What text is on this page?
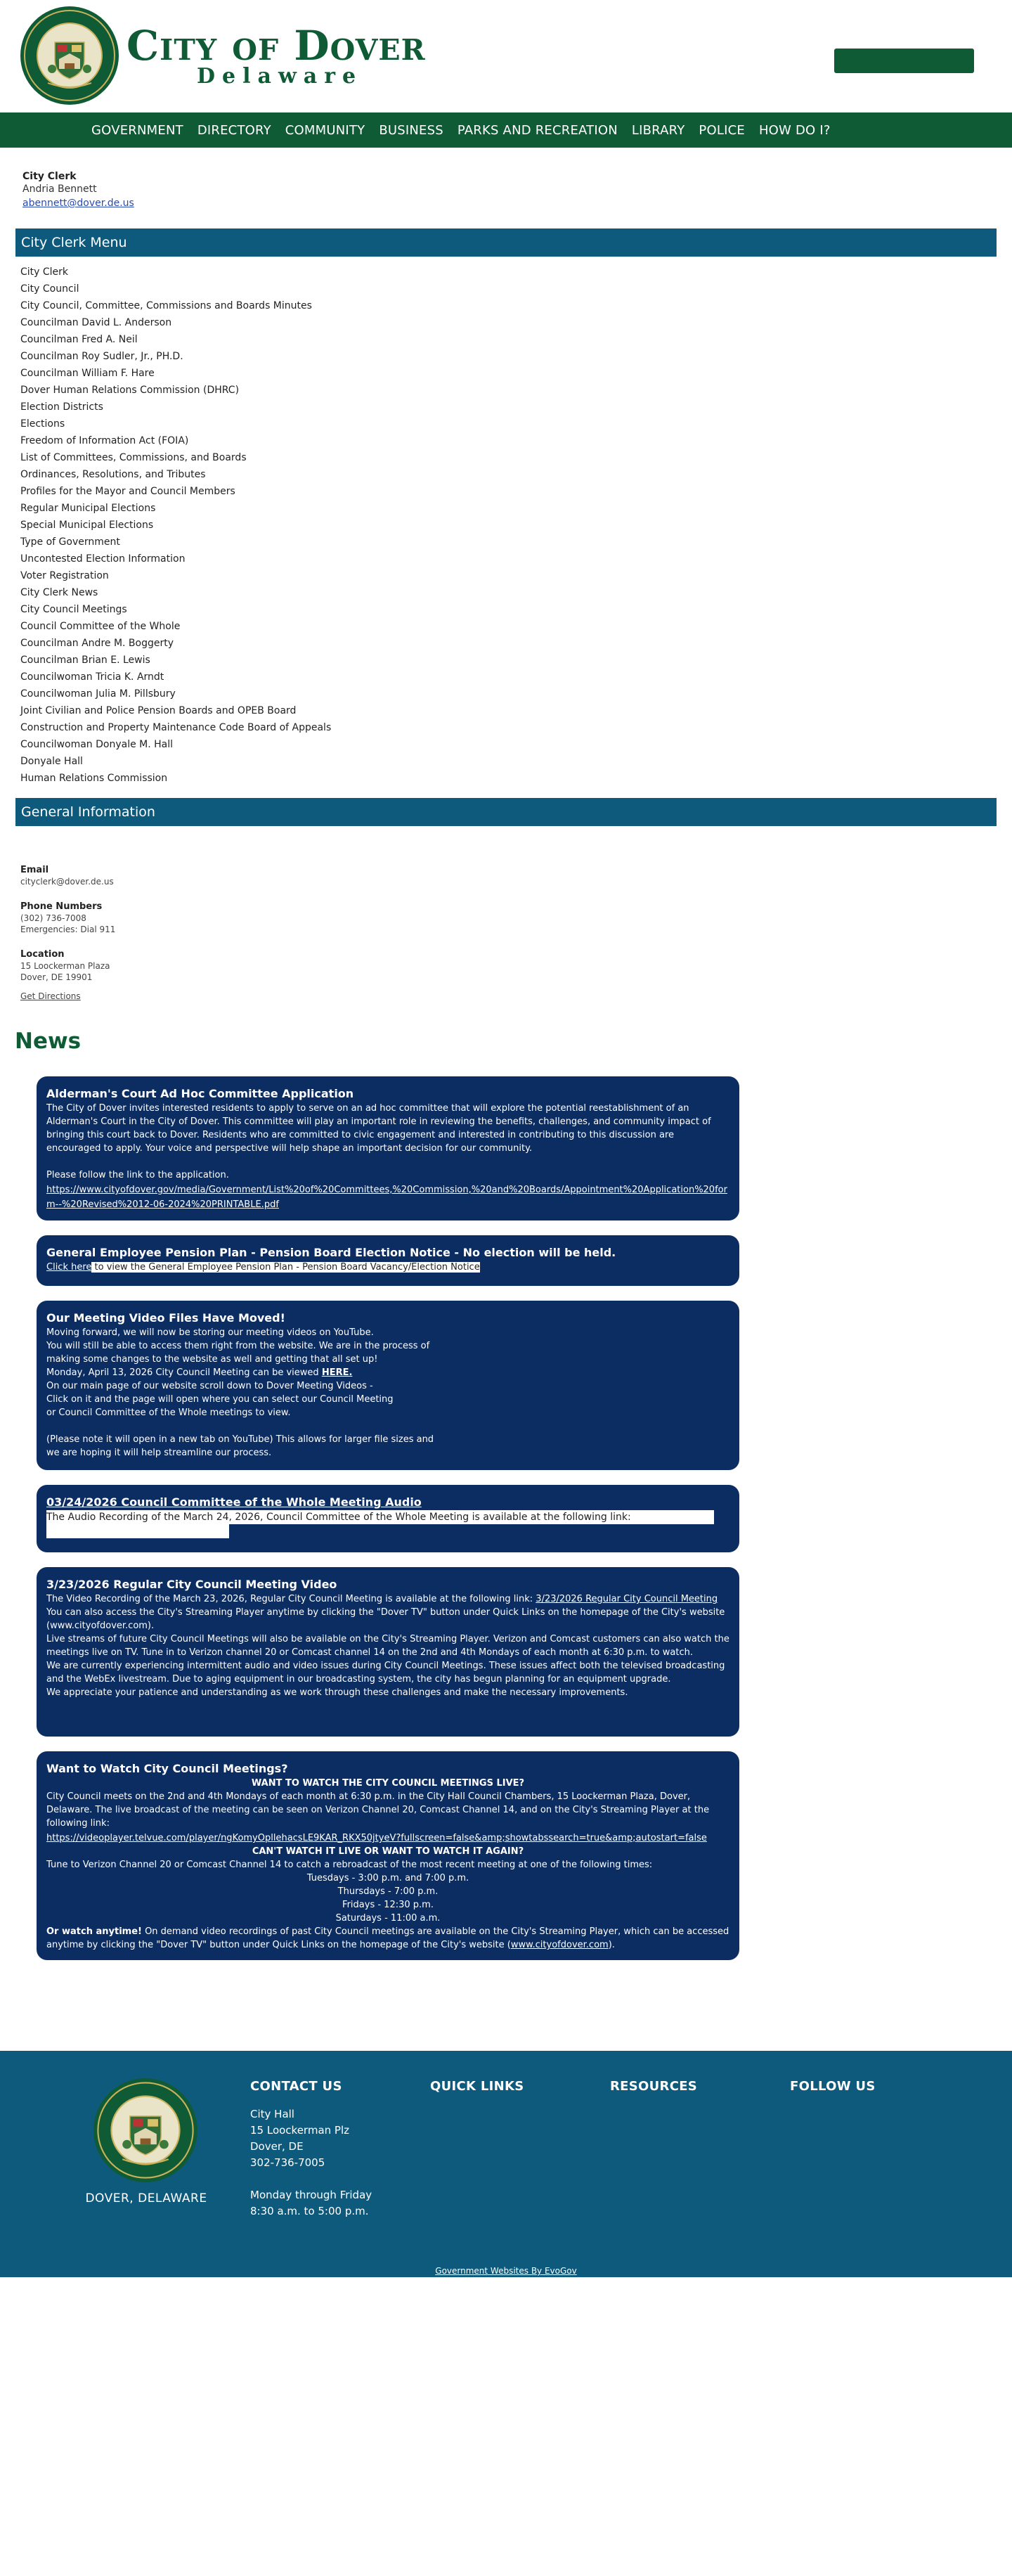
City of Dover
Delaware
GOVERNMENT DIRECTORY COMMUNITY BUSINESS PARKS AND RECREATION LIBRARY POLICE HOW DO I?
City Clerk
Andria Bennett
abennett@dover.de.us
City Clerk Menu
City Clerk
City Council
City Council, Committee, Commissions and Boards Minutes
Councilman David L. Anderson
Councilman Fred A. Neil
Councilman Roy Sudler, Jr., PH.D.
Councilman William F. Hare
Dover Human Relations Commission (DHRC)
Election Districts
Elections
Freedom of Information Act (FOIA)
List of Committees, Commissions, and Boards
Ordinances, Resolutions, and Tributes
Profiles for the Mayor and Council Members
Regular Municipal Elections
Special Municipal Elections
Type of Government
Uncontested Election Information
Voter Registration
City Clerk News
City Council Meetings
Council Committee of the Whole
Councilman Andre M. Boggerty
Councilman Brian E. Lewis
Councilwoman Tricia K. Arndt
Councilwoman Julia M. Pillsbury
Joint Civilian and Police Pension Boards and OPEB Board
Construction and Property Maintenance Code Board of Appeals
Councilwoman Donyale M. Hall
Donyale Hall
Human Relations Commission
General Information
Email
cityclerk@dover.de.us
Phone Numbers
(302) 736-7008
Emergencies: Dial 911
Location
15 Loockerman Plaza
Dover, DE 19901
Get Directions
News
Alderman's Court Ad Hoc Committee Application
The City of Dover invites interested residents to apply to serve on an ad hoc committee that will explore the potential reestablishment of an Alderman's Court in the City of Dover. This committee will play an important role in reviewing the benefits, challenges, and community impact of bringing this court back to Dover. Residents who are committed to civic engagement and interested in contributing to this discussion are encouraged to apply. Your voice and perspective will help shape an important decision for our community.
Please follow the link to the application.
https://www.cityofdover.gov/media/Government/List%20of%20Committees,%20Commission,%20and%20Boards/Appointment%20Application%20form--%20Revised%2012-06-2024%20PRINTABLE.pdf
General Employee Pension Plan - Pension Board Election Notice - No election will be held.
Click here to view the General Employee Pension Plan - Pension Board Vacancy/Election Notice
Our Meeting Video Files Have Moved!
Moving forward, we will now be storing our meeting videos on YouTube.
You will still be able to access them right from the website. We are in the process of
making some changes to the website as well and getting that all set up!
Monday, April 13, 2026 City Council Meeting can be viewed HERE.
On our main page of our website scroll down to Dover Meeting Videos -
Click on it and the page will open where you can select our Council Meeting
or Council Committee of the Whole meetings to view.
(Please note it will open in a new tab on YouTube) This allows for larger file sizes and
we are hoping it will help streamline our process.
03/24/2026 Council Committee of the Whole Meeting Audio
The Audio Recording of the March 24, 2026, Council Committee of the Whole Meeting is available at the following link:
3/23/2026 Regular City Council Meeting Video
The Video Recording of the March 23, 2026, Regular City Council Meeting is available at the following link: 3/23/2026 Regular City Council Meeting
You can also access the City's Streaming Player anytime by clicking the "Dover TV" button under Quick Links on the homepage of the City's website (www.cityofdover.com).
Live streams of future City Council Meetings will also be available on the City's Streaming Player. Verizon and Comcast customers can also watch the meetings live on TV. Tune in to Verizon channel 20 or Comcast channel 14 on the 2nd and 4th Mondays of each month at 6:30 p.m. to watch.
We are currently experiencing intermittent audio and video issues during City Council Meetings. These issues affect both the televised broadcasting and the WebEx livestream. Due to aging equipment in our broadcasting system, the city has begun planning for an equipment upgrade.
We appreciate your patience and understanding as we work through these challenges and make the necessary improvements.
Want to Watch City Council Meetings?
WANT TO WATCH THE CITY COUNCIL MEETINGS LIVE?
City Council meets on the 2nd and 4th Mondays of each month at 6:30 p.m. in the City Hall Council Chambers, 15 Loockerman Plaza, Dover, Delaware. The live broadcast of the meeting can be seen on Verizon Channel 20, Comcast Channel 14, and on the City's Streaming Player at the following link:
https://videoplayer.telvue.com/player/ngKomyOpllehacsLE9KAR_RKX50jtyeV?fullscreen=false&amp;showtabssearch=true&amp;autostart=false
CAN'T WATCH IT LIVE OR WANT TO WATCH IT AGAIN?
Tune to Verizon Channel 20 or Comcast Channel 14 to catch a rebroadcast of the most recent meeting at one of the following times:
Tuesdays - 3:00 p.m. and 7:00 p.m.
Thursdays - 7:00 p.m.
Fridays - 12:30 p.m.
Saturdays - 11:00 a.m.
Or watch anytime! On demand video recordings of past City Council meetings are available on the City's Streaming Player, which can be accessed anytime by clicking the "Dover TV" button under Quick Links on the homepage of the City's website (www.cityofdover.com).
DOVER, DELAWARE
CONTACT US
City Hall
15 Loockerman Plz
Dover, DE
302-736-7005
Monday through Friday
8:30 a.m. to 5:00 p.m.
QUICK LINKS	RESOURCES	FOLLOW US
Government Websites By EvoGov
